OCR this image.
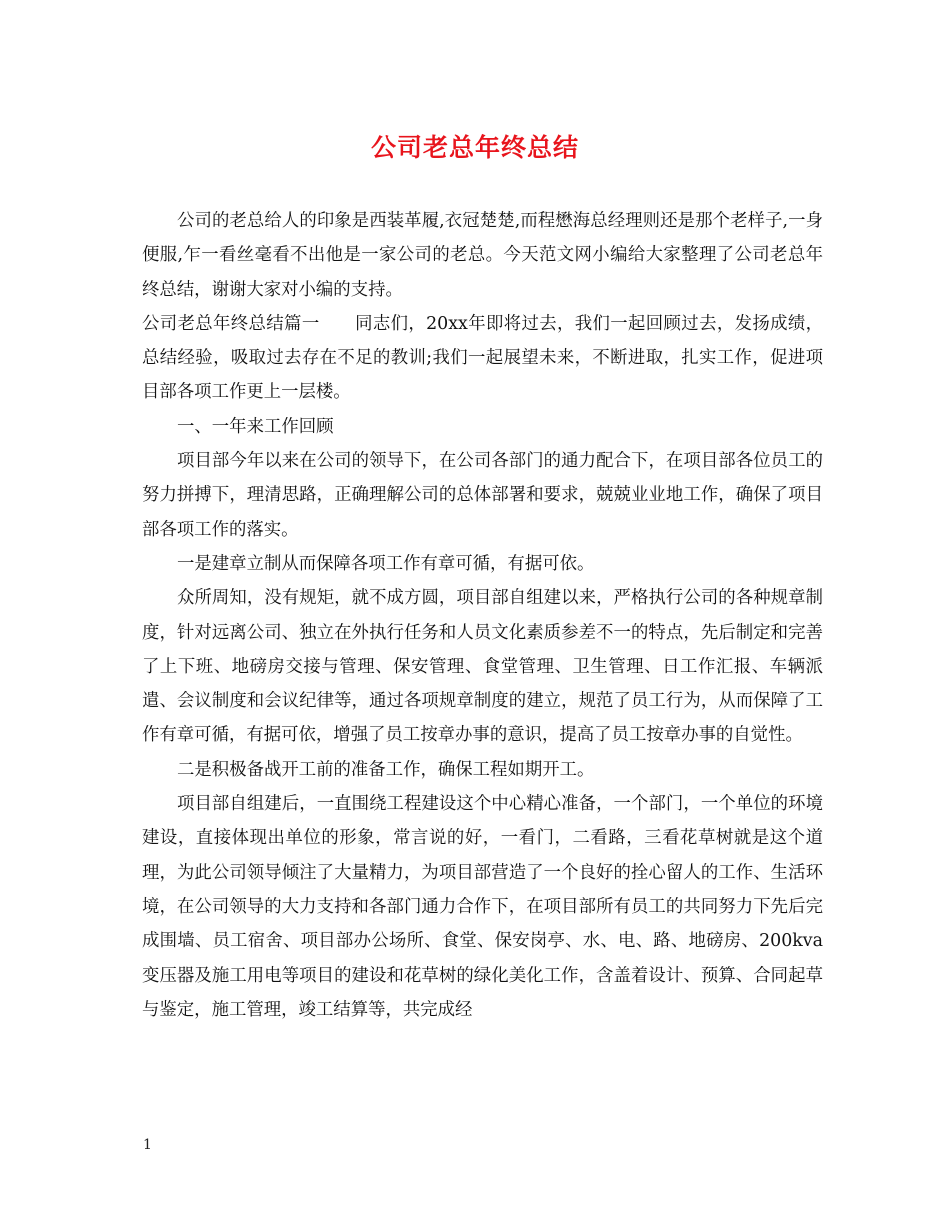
公司老总年终总结

公司的老总给人的印象是西装革履,衣冠楚楚,而程懋海总经理则还是那个老样子,一身便服,乍一看丝毫看不出他是一家公司的老总。今天范文网小编给大家整理了公司老总年终总结，谢谢大家对小编的支持。

公司老总年终总结篇一　　同志们，20xx年即将过去，我们一起回顾过去，发扬成绩，总结经验，吸取过去存在不足的教训;我们一起展望未来，不断进取，扎实工作，促进项目部各项工作更上一层楼。

一、一年来工作回顾

项目部今年以来在公司的领导下，在公司各部门的通力配合下，在项目部各位员工的努力拼搏下，理清思路，正确理解公司的总体部署和要求，兢兢业业地工作，确保了项目部各项工作的落实。

一是建章立制从而保障各项工作有章可循，有据可依。

众所周知，没有规矩，就不成方圆，项目部自组建以来，严格执行公司的各种规章制度，针对远离公司、独立在外执行任务和人员文化素质参差不一的特点，先后制定和完善了上下班、地磅房交接与管理、保安管理、食堂管理、卫生管理、日工作汇报、车辆派遣、会议制度和会议纪律等，通过各项规章制度的建立，规范了员工行为，从而保障了工作有章可循，有据可依，增强了员工按章办事的意识，提高了员工按章办事的自觉性。

二是积极备战开工前的准备工作，确保工程如期开工。

项目部自组建后，一直围绕工程建设这个中心精心准备，一个部门，一个单位的环境建设，直接体现出单位的形象，常言说的好，一看门，二看路，三看花草树就是这个道理，为此公司领导倾注了大量精力，为项目部营造了一个良好的拴心留人的工作、生活环境，在公司领导的大力支持和各部门通力合作下，在项目部所有员工的共同努力下先后完成围墙、员工宿舍、项目部办公场所、食堂、保安岗亭、水、电、路、地磅房、200kva变压器及施工用电等项目的建设和花草树的绿化美化工作，含盖着设计、预算、合同起草与鉴定，施工管理，竣工结算等，共完成经

1
